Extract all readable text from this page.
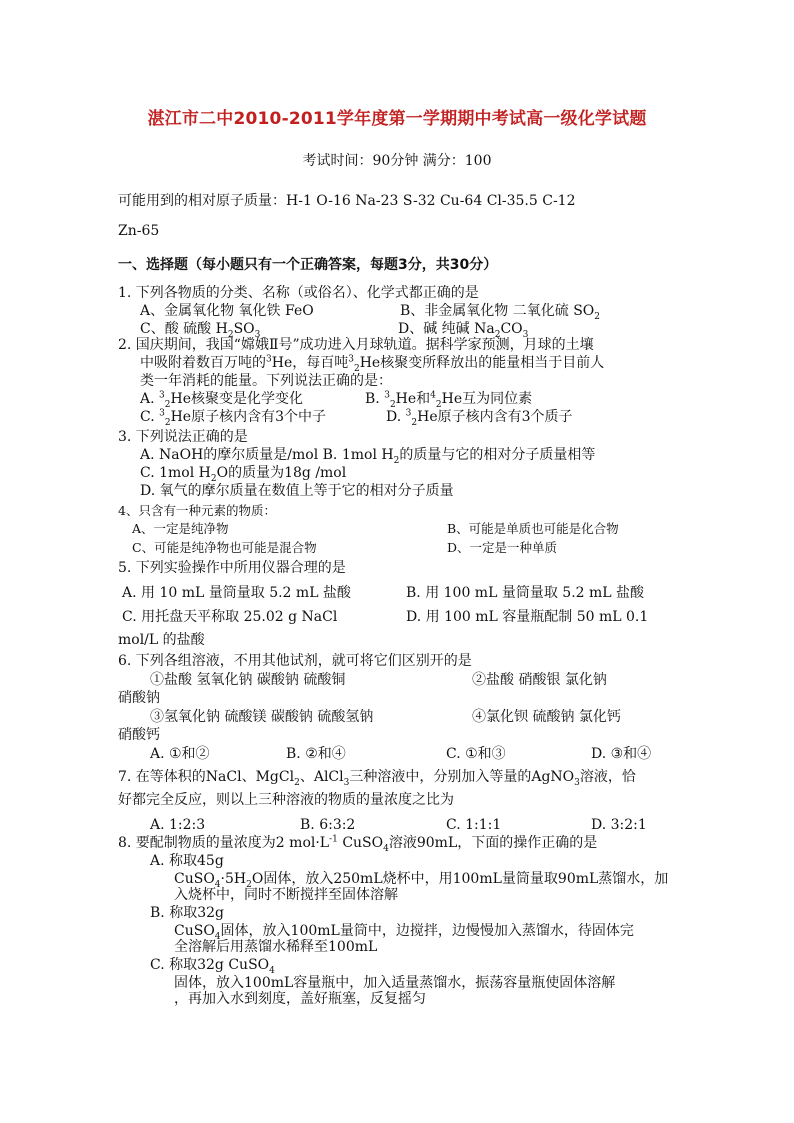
湛江市二中2010-2011学年度第一学期期中考试高一级化学试题
考试时间：90分钟 满分：100
可能用到的相对原子质量：H-1 O-16 Na-23 S-32 Cu-64 Cl-35.5 C-12
Zn-65
一、选择题（每小题只有一个正确答案，每题3分，共30分）
1. 下列各物质的分类、名称（或俗名）、化学式都正确的是
A、金属氧化物 氧化铁 FeO	B、非金属氧化物 二氧化硫 $SO_2$
C、酸 硫酸 $H_2SO_3$	D、碱 纯碱 $Na_2CO_3$
2. 国庆期间，我国“嫦娥Ⅱ号”成功进入月球轨道。据科学家预测，月球的土壤
中吸附着数百万吨的$^3$He，每百吨$^3_2$He核聚变所释放出的能量相当于目前人
类一年消耗的能量。下列说法正确的是：
A. $^3_2$He核聚变是化学变化	B. $^3_2$He和$^4_2$He互为同位素
C. $^3_2$He原子核内含有3个中子	D. $^3_2$He原子核内含有3个质子
3. 下列说法正确的是
A. NaOH的摩尔质量是/mol B. 1mol $H_2$的质量与它的相对分子质量相等
C. 1mol $H_2O$的质量为18g /mol
D. 氧气的摩尔质量在数值上等于它的相对分子质量
4、只含有一种元素的物质：
A、一定是纯净物	B、可能是单质也可能是化合物
C、可能是纯净物也可能是混合物	D、一定是一种单质
5. 下列实验操作中所用仪器合理的是
A. 用 10 mL 量筒量取 5.2 mL 盐酸	B. 用 100 mL 量筒量取 5.2 mL 盐酸
C. 用托盘天平称取 25.02 g NaCl	D. 用 100 mL 容量瓶配制 50 mL 0.1
mol/L 的盐酸
6. 下列各组溶液，不用其他试剂，就可将它们区别开的是
①盐酸 氢氧化钠 碳酸钠 硫酸铜	②盐酸 硝酸银 氯化钠
硝酸钠
③氢氧化钠 硫酸镁 碳酸钠 硫酸氢钠	④氯化钡 硫酸钠 氯化钙
硝酸钙
A. ①和②	B. ②和④	C. ①和③	D. ③和④
7. 在等体积的NaCl、MgCl$_2$、AlCl$_3$三种溶液中，分别加入等量的AgNO$_3$溶液，恰
好都完全反应，则以上三种溶液的物质的量浓度之比为
A. 1:2:3	B. 6:3:2	C. 1:1:1	D. 3:2:1
8. 要配制物质的量浓度为2 $mol\cdot L^{-1}$ CuSO$_4$溶液90mL，下面的操作正确的是
A. 称取45g
$CuSO_4\cdot 5H_2O$固体，放入250mL烧杯中，用100mL量筒量取90mL蒸馏水，加
入烧杯中，同时不断搅拌至固体溶解
B. 称取32g
CuSO$_4$固体，放入100mL量筒中，边搅拌，边慢慢加入蒸馏水，待固体完
全溶解后用蒸馏水稀释至100mL
C. 称取32g CuSO$_4$
固体，放入100mL容量瓶中，加入适量蒸馏水，振荡容量瓶使固体溶解
，再加入水到刻度，盖好瓶塞，反复摇匀
